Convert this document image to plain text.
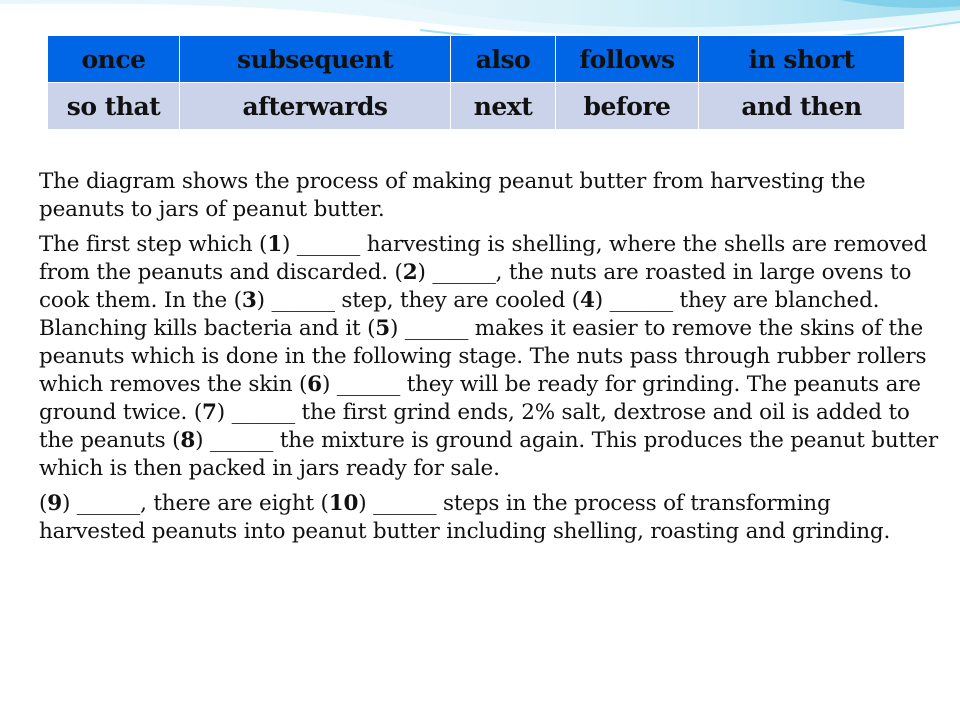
once	subsequent	also	follows	in short
so that	afterwards	next	before	and then

The diagram shows the process of making peanut butter from harvesting the peanuts to jars of peanut butter.

The first step which (1) ______ harvesting is shelling, where the shells are removed from the peanuts and discarded. (2) ______, the nuts are roasted in large ovens to cook them. In the (3) ______ step, they are cooled (4) ______ they are blanched. Blanching kills bacteria and it (5) ______ makes it easier to remove the skins of the peanuts which is done in the following stage. The nuts pass through rubber rollers which removes the skin (6) ______ they will be ready for grinding. The peanuts are ground twice. (7) ______ the first grind ends, 2% salt, dextrose and oil is added to the peanuts (8) ______ the mixture is ground again. This produces the peanut butter which is then packed in jars ready for sale.

(9) ______, there are eight (10) ______ steps in the process of transforming harvested peanuts into peanut butter including shelling, roasting and grinding.
